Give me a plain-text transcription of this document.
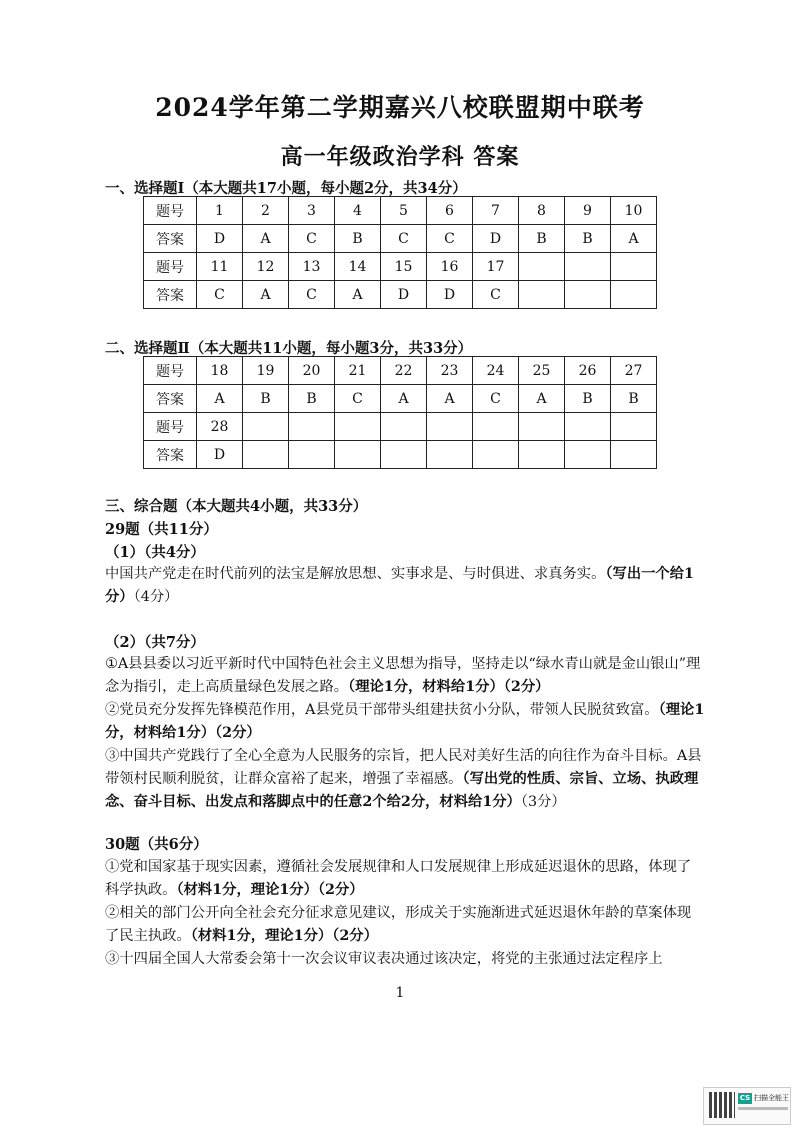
2024学年第二学期嘉兴八校联盟期中联考
高一年级政治学科 答案
一、选择题Ⅰ（本大题共17小题，每小题2分，共34分）
题号	1	2	3	4	5	6	7	8	9	10
答案	D	A	C	B	C	C	D	B	B	A
题号	11	12	13	14	15	16	17			
答案	C	A	C	A	D	D	C			
二、选择题Ⅱ（本大题共11小题，每小题3分，共33分）
题号	18	19	20	21	22	23	24	25	26	27
答案	A	B	B	C	A	A	C	A	B	B
题号	28									
答案	D									
三、综合题（本大题共4小题，共33分）
29题（共11分）
（1）（共4分）
中国共产党走在时代前列的法宝是解放思想、实事求是、与时俱进、求真务实。（写出一个给1分）（4分）
（2）（共7分）
①A县县委以习近平新时代中国特色社会主义思想为指导，坚持走以“绿水青山就是金山银山”理念为指引，走上高质量绿色发展之路。（理论1分，材料给1分）（2分）
②党员充分发挥先锋模范作用，A县党员干部带头组建扶贫小分队，带领人民脱贫致富。（理论1分，材料给1分）（2分）
③中国共产党践行了全心全意为人民服务的宗旨，把人民对美好生活的向往作为奋斗目标。A县带领村民顺利脱贫，让群众富裕了起来，增强了幸福感。（写出党的性质、宗旨、立场、执政理念、奋斗目标、出发点和落脚点中的任意2个给2分，材料给1分）（3分）
30题（共6分）
①党和国家基于现实因素，遵循社会发展规律和人口发展规律上形成延迟退休的思路，体现了科学执政。（材料1分，理论1分）（2分）
②相关的部门公开向全社会充分征求意见建议，形成关于实施渐进式延迟退休年龄的草案体现了民主执政。（材料1分，理论1分）（2分）
③十四届全国人大常委会第十一次会议审议表决通过该决定，将党的主张通过法定程序上
1
CS 扫描全能王
